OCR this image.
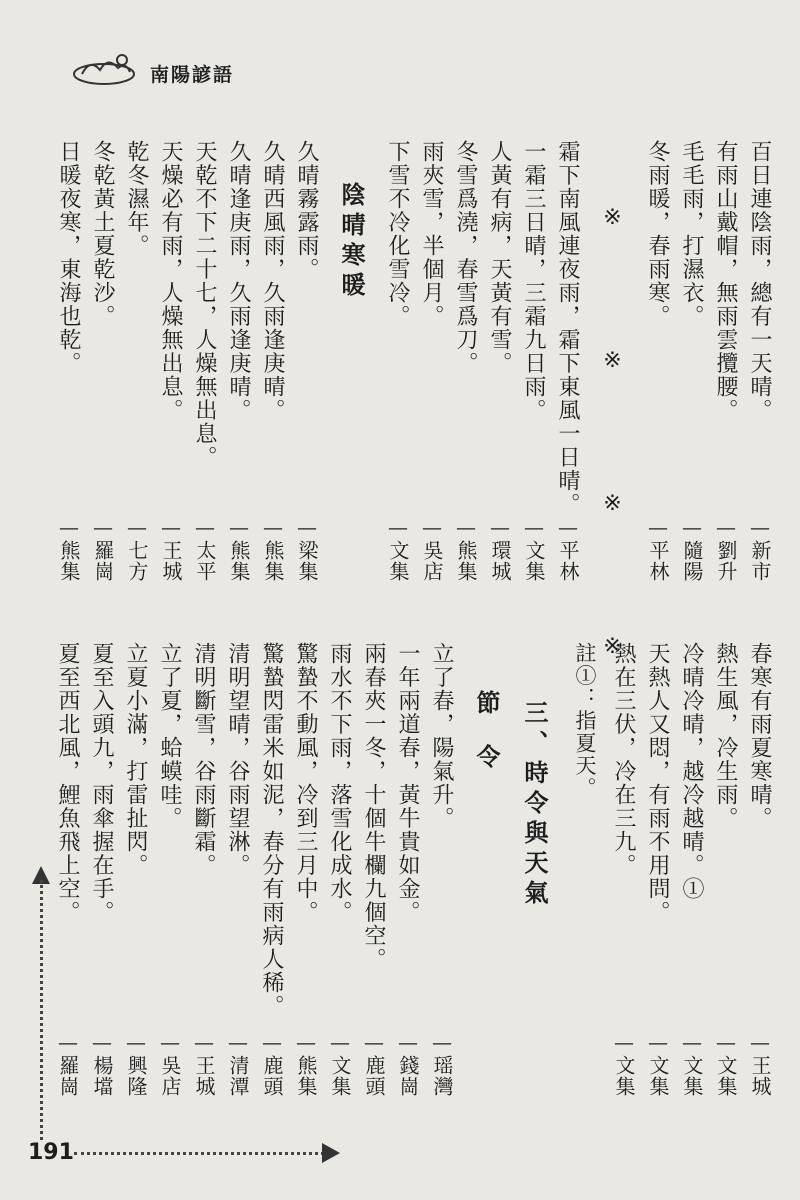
南陽諺語
百日連陰雨，總有一天晴。
有雨山戴帽，無雨雲攬腰。
毛毛雨，打濕衣。
冬雨暖，春雨寒。
※　※　※　※
霜下南風連夜雨，霜下東風一日晴。
一霜三日晴，三霜九日雨。
人黃有病，天黃有雪。
冬雪爲澆，春雪爲刀。
雨夾雪，半個月。
下雪不冷化雪冷。
陰晴寒暖
久晴霧露雨。
久晴西風雨，久雨逢庚晴。
久晴逢庚雨，久雨逢庚晴。
天乾不下二十七，人燥無出息。
天燥必有雨，人燥無出息。
乾冬濕年。
冬乾黃土夏乾沙。
日暖夜寒，東海也乾。
—新市
—劉升
—隨陽
—平林
—平林
—文集
—環城
—熊集
—吳店
—文集
—梁集
—熊集
—熊集
—太平
—王城
—七方
—羅崗
—熊集
春寒有雨夏寒晴。
熱生風，冷生雨。
冷晴冷晴，越冷越晴。①
天熱人又悶，有雨不用問。
熱在三伏，冷在三九。
註①：指夏天。
三、時令與天氣
節令
立了春，陽氣升。
一年兩道春，黃牛貴如金。
兩春夾一冬，十個牛欄九個空。
雨水不下雨，落雪化成水。
驚蟄不動風，冷到三月中。
驚蟄閃雷米如泥，春分有雨病人稀。
清明望晴，谷雨望淋。
清明斷雪，谷雨斷霜。
立了夏，蛤蟆哇。
立夏小滿，打雷扯閃。
夏至入頭九，雨傘握在手。
夏至西北風，鯉魚飛上空。
—王城
—文集
—文集
—文集
—文集
—瑶灣
—錢崗
—鹿頭
—文集
—熊集
—鹿頭
—清潭
—王城
—吳店
—興隆
—楊壋
—羅崗
191
